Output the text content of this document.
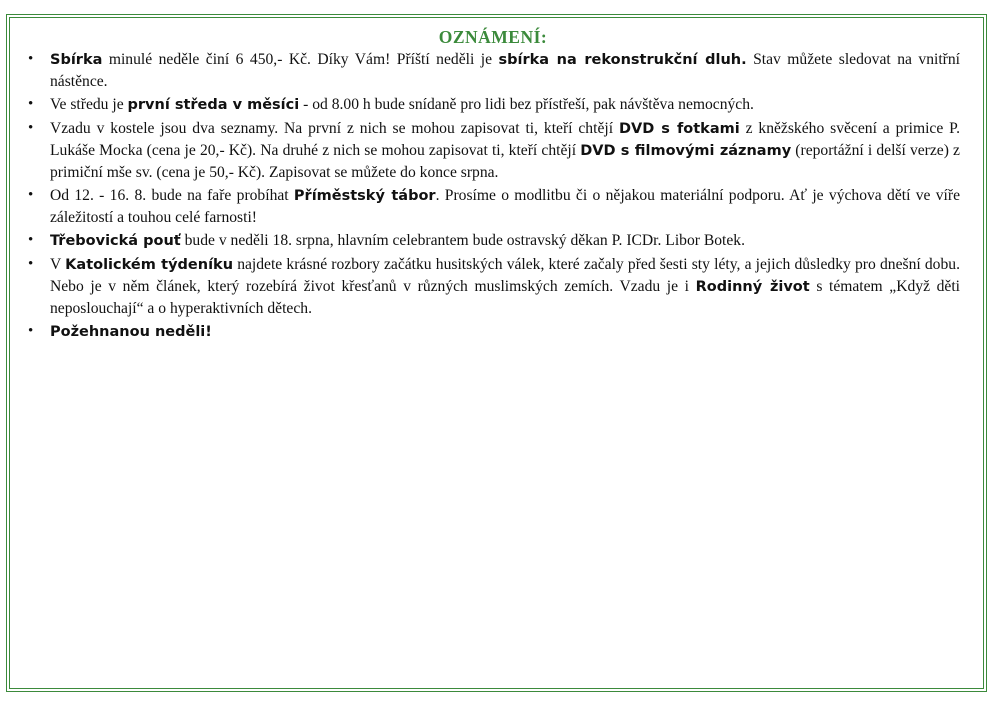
OZNÁMENÍ:
• Sbírka minulé neděle činí 6 450,- Kč. Díky Vám! Příští neděli je sbírka na rekonstrukční dluh. Stav můžete sledovat na vnitřní nástěnce.
• Ve středu je první středa v měsíci - od 8.00 h bude snídaně pro lidi bez přístřeší, pak návštěva nemocných.
• Vzadu v kostele jsou dva seznamy. Na první z nich se mohou zapisovat ti, kteří chtějí DVD s fotkami z kněžského svěcení a primice P. Lukáše Mocka (cena je 20,- Kč). Na druhé z nich se mohou zapisovat ti, kteří chtějí DVD s filmovými záznamy (reportážní i delší verze) z primiční mše sv. (cena je 50,- Kč). Zapisovat se můžete do konce srpna.
• Od 12. - 16. 8. bude na faře probíhat Příměstský tábor. Prosíme o modlitbu či o nějakou materiální podporu. Ať je výchova dětí ve víře záležitostí a touhou celé farnosti!
• Třebovická pouť bude v neděli 18. srpna, hlavním celebrantem bude ostravský děkan P. ICDr. Libor Botek.
• V Katolickém týdeníku najdete krásné rozbory začátku husitských válek, které začaly před šesti sty léty, a jejich důsledky pro dnešní dobu. Nebo je v něm článek, který rozebírá život křesťanů v různých muslimských zemích. Vzadu je i Rodinný život s tématem „Když děti neposlouchají“ a o hyperaktivních dětech.
• Požehnanou neděli!
